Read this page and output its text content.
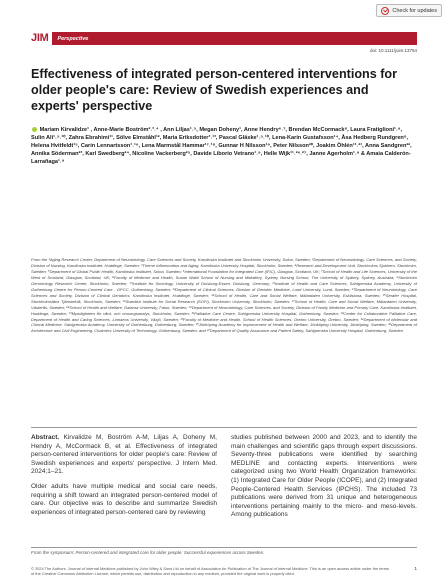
Check for updates
JIM	Perspective
doi: 10.1111/joim.13794
Effectiveness of integrated person-centered interventions for older people's care: Review of Swedish experiences and experts' perspective
Mariam Kirvalidze¹ , Anne-Marie Boström²˒³˒⁴ , Ann Liljas¹˒⁵, Megan Doheny¹, Anne Hendry⁶˒⁷, Brendan McCormack⁸, Laura Fratiglioni¹˒⁹, Sulin Ali¹˒⁵˒¹⁰, Zahra Ebrahimi¹¹, Sölve Elmståhl¹², Maria Eriksdotter³˒¹³, Pascal Gläske¹˒⁵˒¹⁰, Lena-Karin Gustafsson¹⁴, Åsa Hedberg Rundgren⁸, Helena Hvitfeldt¹⁵, Carin Lennartsson¹˒¹⁶, Lena Marmstål Hammar¹⁷˒¹⁸, Gunnar H Nilsson¹⁹, Peter Nilsson²⁰, Joakim Öhlén¹¹˒²¹, Anna Sandgren²², Annika Söderman²³, Karl Swedberg²⁴, Nicoline Vackerberg²⁵, Davide Liborio Vetrano¹˒⁹, Helle Wijk¹¹˒²⁶˒²⁷, Janne Agerholm¹˒⁹ & Amaia Calderón-Larrañaga¹˒⁹
From the ¹Aging Research Center, Department of Neurobiology, Care Sciences and Society, Karolinska Institutet and Stockholm University, Solna, Sweden; ²Department of Neurobiology, Care Sciences, and Society, Division of Nursing, Karolinska Institutet, Huddinge, Sweden; ³Theme Inflammation and Aging, Karolinska University Hospital, Stockholm, Sweden; ⁴Research and Development Unit, Stockholms Sjukhem, Stockholm, Sweden; ⁵Department of Global Public Health, Karolinska Institutet, Solna, Sweden; ⁶International Foundation for Integrated Care (IFIC), Glasgow, Scotland, UK; ⁷School of Health and Life Sciences, University of the West of Scotland, Glasgow, Scotland, UK; ⁸Faculty of Medicine and Health, Susan Wakil School of Nursing and Midwifery, Sydney Nursing School, The University of Sydney, Sydney, Australia; ⁹Stockholm Gerontology Research Center, Stockholm, Sweden; ¹⁰Institute for Sociology, University of Duisburg-Essen, Duisburg, Germany; ¹¹Institute of Health and Care Sciences, Sahlgrenska Academy, University of Gothenburg Centre for Person-Centred Care - GPCC, Gothenburg, Sweden; ¹²Department of Clinical Sciences, Division of Geriatric Medicine, Lund University, Lund, Sweden; ¹³Department of Neurobiology, Care Sciences and Society, Division of Clinical Geriatrics, Karolinska Institutet, Huddinge, Sweden; ¹⁴School of Health, Care and Social Welfare, Mälardalen University, Eskilstuna, Sweden; ¹⁵Sérafer Hospital, Stockholmsläns Tjänstefolk, Stockholm, Sweden; ¹⁶Swedish Institute for Social Research (SOFI), Stockholm University, Stockholm, Sweden; ¹⁷School of Health, Care and Social Welfare, Mälardalen University, Västerås, Sweden; ¹⁸School of Health and Welfare, Dalarna University, Falun, Sweden; ¹⁹Department of Neurobiology, Care Sciences, and Society, Division of Family Medicine and Primary Care, Karolinska Institutet, Huddinge, Sweden; ²⁰Myndigheten för vård- och omsorgsanalys, Stockholm, Sweden; ²¹Palliative Care Centre, Sahlgrenska University Hospital, Gothenburg, Sweden; ²²Center for Collaborative Palliative Care, Department of Health and Caring Sciences, Linnaeus University, Växjö, Sweden; ²³Faculty of Medicine and Health, School of Health Sciences, Örebro University, Örebro, Sweden; ²⁴Department of Molecular and Clinical Medicine, Sahlgrenska Academy, University of Gothenburg, Gothenburg, Sweden; ²⁵Jönköping Academy for Improvement of Health and Welfare, Jönköping University, Jönköping, Sweden; ²⁶Department of Architecture and Civil Engineering, Chalmers University of Technology, Gothenburg, Sweden; and ²⁷Department of Quality Assurance and Patient Safety, Sahlgrenska University Hospital, Gothenburg, Sweden

Abstract. Kirvalidze M, Boström A-M, Liljas A, Doheny M, Hendry A, McCormack B, et al. Effectiveness of integrated person-centered interventions for older people's care: Review of Swedish experiences and experts' perspective. J Intern Med. 2024;1–21.

Older adults have multiple medical and social care needs, requiring a shift toward an integrated person-centered model of care. Our objective was to describe and summarize Swedish experiences of integrated person-centered care by reviewing

studies published between 2000 and 2023, and to identify the main challenges and scientific gaps through expert discussions. Seventy-three publications were identified by searching MEDLINE and contacting experts. Interventions were categorized using two World Health Organization frameworks: (1) Integrated Care for Older People (ICOPE), and (2) Integrated People-Centered Health Services (IPCHS). The included 73 publications were derived from 31 unique and heterogeneous interventions pertaining mainly to the micro- and meso-levels. Among publications
From the symposium: Person-centered and integrated care for older people: Successful experiences across Sweden.
© 2024 The Authors. Journal of Internal Medicine published by John Wiley & Sons Ltd on behalf of Association for Publication of The Journal of Internal Medicine. This is an open access article under the terms of the Creative Commons Attribution License, which permits use, distribution and reproduction in any medium, provided the original work is properly cited.
1
